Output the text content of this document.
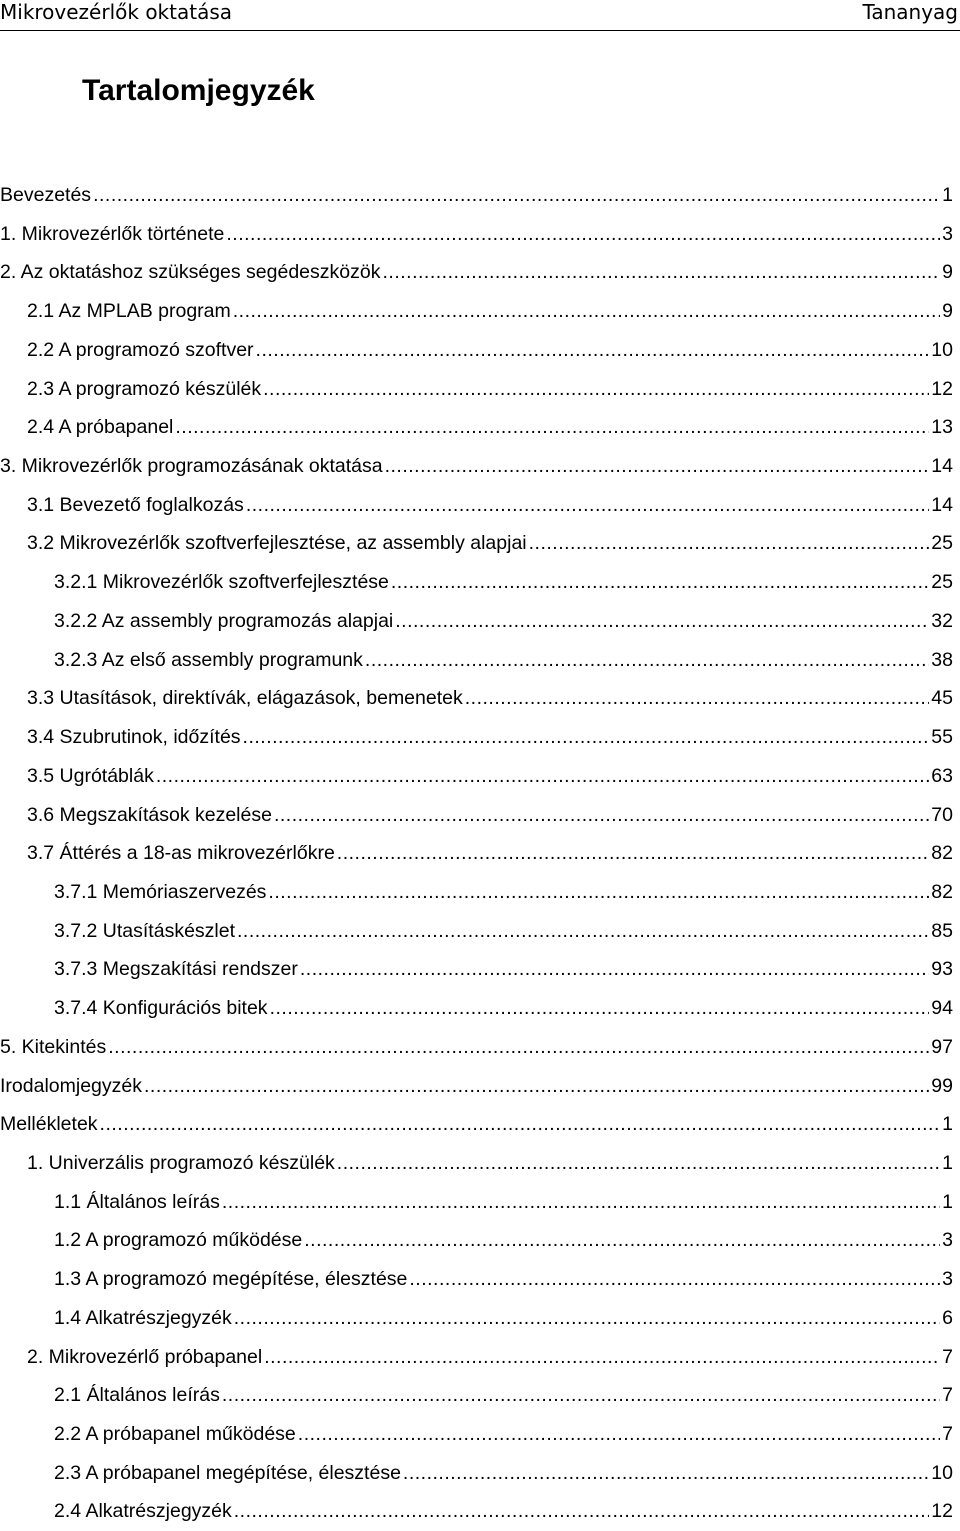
Mikrovezérlők oktatása	Tananyag
Tartalomjegyzék
Bevezetés .....	1
1. Mikrovezérlők története .....	3
2. Az oktatáshoz szükséges segédeszközök .....	9
2.1 Az MPLAB program .....	9
2.2 A programozó szoftver .....	10
2.3 A programozó készülék .....	12
2.4 A próbapanel .....	13
3. Mikrovezérlők programozásának oktatása .....	14
3.1 Bevezető foglalkozás .....	14
3.2 Mikrovezérlők szoftverfejlesztése, az assembly alapjai .....	25
3.2.1 Mikrovezérlők szoftverfejlesztése .....	25
3.2.2 Az assembly programozás alapjai .....	32
3.2.3 Az első assembly programunk .....	38
3.3 Utasítások, direktívák, elágazások, bemenetek .....	45
3.4 Szubrutinok, időzítés .....	55
3.5 Ugrótáblák .....	63
3.6 Megszakítások kezelése .....	70
3.7 Áttérés a 18-as mikrovezérlőkre .....	82
3.7.1 Memóriaszervezés .....	82
3.7.2 Utasításkészlet .....	85
3.7.3 Megszakítási rendszer .....	93
3.7.4 Konfigurációs bitek .....	94
5. Kitekintés .....	97
Irodalomjegyzék .....	99
Mellékletek .....	1
1. Univerzális programozó készülék .....	1
1.1 Általános leírás .....	1
1.2 A programozó működése .....	3
1.3 A programozó megépítése, élesztése .....	3
1.4 Alkatrészjegyzék .....	6
2. Mikrovezérlő próbapanel .....	7
2.1 Általános leírás .....	7
2.2 A próbapanel működése .....	7
2.3 A próbapanel megépítése, élesztése .....	10
2.4 Alkatrészjegyzék .....	12
